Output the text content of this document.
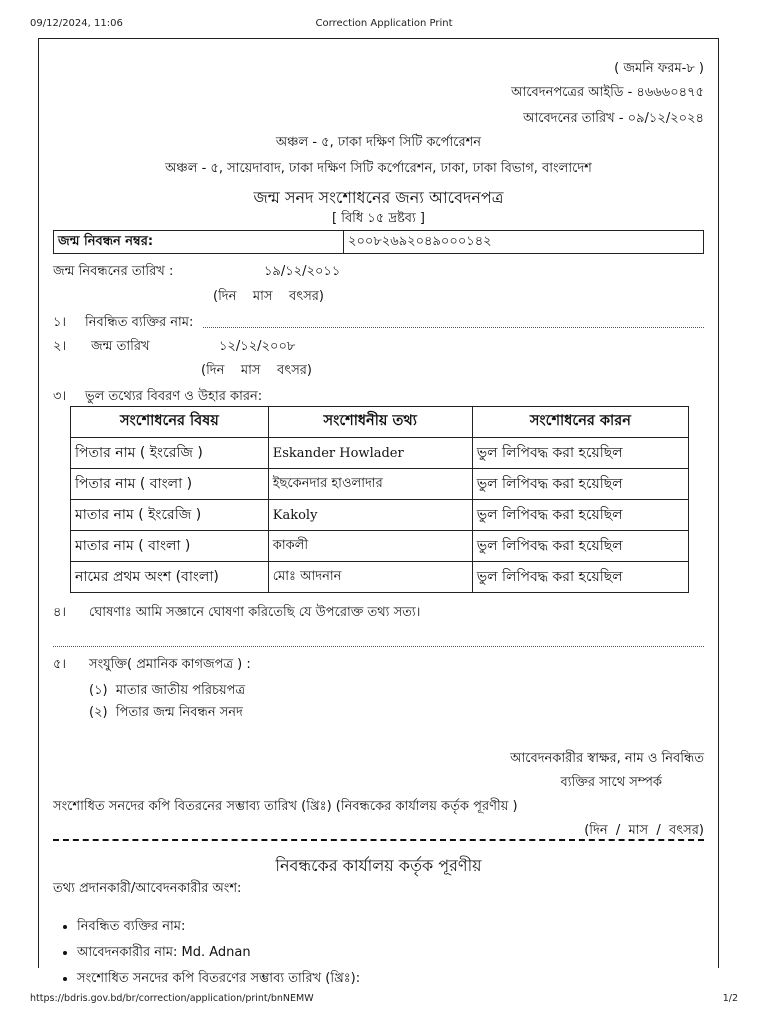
09/12/2024, 11:06	Correction Application Print
( জমনি ফরম-৮ )
আবেদনপত্রের আইডি - ৪৬৬৬০৪৭৫
আবেদনের তারিখ - ০৯/১২/২০২৪
অঞ্চল - ৫, ঢাকা দক্ষিণ সিটি কর্পোরেশন
অঞ্চল - ৫, সায়েদাবাদ, ঢাকা দক্ষিণ সিটি কর্পোরেশন, ঢাকা, ঢাকা বিভাগ, বাংলাদেশ
জন্ম সনদ সংশোধনের জন্য আবেদনপত্র
[ বিধি ১৫ দ্রষ্টব্য ]
জন্ম নিবন্ধন নম্বর:	২০০৮২৬৯২০৪৯০০০১৪২
জন্ম নিবন্ধনের তারিখ :	১৯/১২/২০১১
(দিন    মাস    বৎসর)
১। নিবন্ধিত ব্যক্তির নাম:
২। জন্ম তারিখ	১২/১২/২০০৮
(দিন    মাস    বৎসর)
৩। ভুল তথ্যের বিবরণ ও উহার কারন:
সংশোধনের বিষয়	সংশোধনীয় তথ্য	সংশোধনের কারন
পিতার নাম ( ইংরেজি )	Eskander Howlader	ভুল লিপিবদ্ধ করা হয়েছিল
পিতার নাম ( বাংলা )	ইছকেনদার হাওলাদার	ভুল লিপিবদ্ধ করা হয়েছিল
মাতার নাম ( ইংরেজি )	Kakoly	ভুল লিপিবদ্ধ করা হয়েছিল
মাতার নাম ( বাংলা )	কাকলী	ভুল লিপিবদ্ধ করা হয়েছিল
নামের প্রথম অংশ (বাংলা)	মোঃ আদনান	ভুল লিপিবদ্ধ করা হয়েছিল
৪। ঘোষণাঃ আমি সজ্ঞানে ঘোষণা করিতেছি যে উপরোক্ত তথ্য সত্য।
৫। সংযুক্তি( প্রমানিক কাগজপত্র ) :
(১)  মাতার জাতীয় পরিচয়পত্র
(২)  পিতার জন্ম নিবন্ধন সনদ
আবেদনকারীর স্বাক্ষর, নাম ও নিবন্ধিত
ব্যক্তির সাথে সম্পর্ক
সংশোধিত সনদের কপি বিতরনের সম্ভাব্য তারিখ (খ্রিঃ) (নিবন্ধকের কার্যালয় কর্তৃক পূরণীয় )
(দিন  /  মাস  /  বৎসর)
নিবন্ধকের কার্যালয় কর্তৃক পূরণীয়
তথ্য প্রদানকারী/আবেদনকারীর অংশ:
• নিবন্ধিত ব্যক্তির নাম:
• আবেদনকারীর নাম: Md. Adnan
• সংশোধিত সনদের কপি বিতরণের সম্ভাব্য তারিখ (খ্রিঃ):
https://bdris.gov.bd/br/correction/application/print/bnNEMW	1/2
